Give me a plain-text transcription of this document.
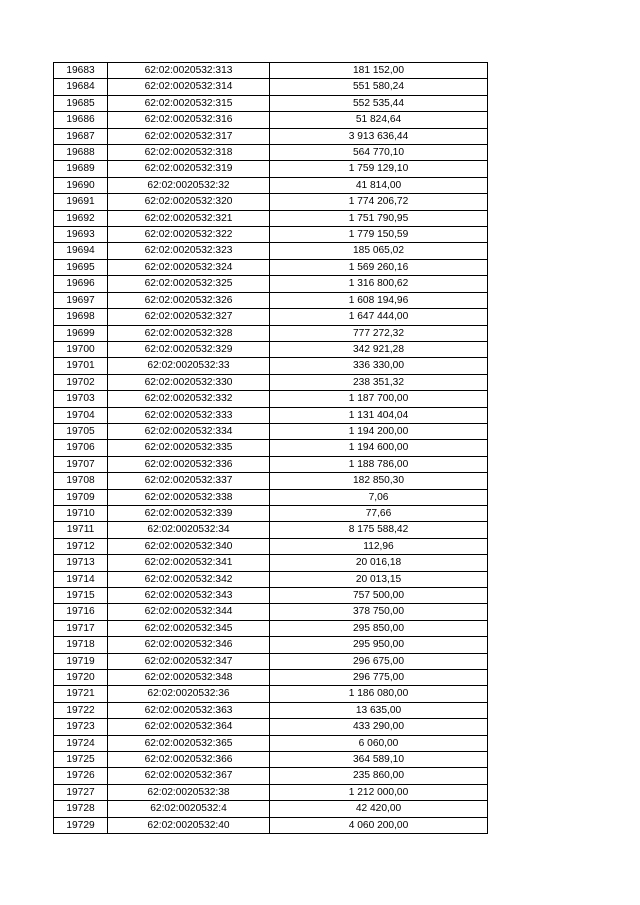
19683	62:02:0020532:313	181 152,00
19684	62:02:0020532:314	551 580,24
19685	62:02:0020532:315	552 535,44
19686	62:02:0020532:316	51 824,64
19687	62:02:0020532:317	3 913 636,44
19688	62:02:0020532:318	564 770,10
19689	62:02:0020532:319	1 759 129,10
19690	62:02:0020532:32	41 814,00
19691	62:02:0020532:320	1 774 206,72
19692	62:02:0020532:321	1 751 790,95
19693	62:02:0020532:322	1 779 150,59
19694	62:02:0020532:323	185 065,02
19695	62:02:0020532:324	1 569 260,16
19696	62:02:0020532:325	1 316 800,62
19697	62:02:0020532:326	1 608 194,96
19698	62:02:0020532:327	1 647 444,00
19699	62:02:0020532:328	777 272,32
19700	62:02:0020532:329	342 921,28
19701	62:02:0020532:33	336 330,00
19702	62:02:0020532:330	238 351,32
19703	62:02:0020532:332	1 187 700,00
19704	62:02:0020532:333	1 131 404,04
19705	62:02:0020532:334	1 194 200,00
19706	62:02:0020532:335	1 194 600,00
19707	62:02:0020532:336	1 188 786,00
19708	62:02:0020532:337	182 850,30
19709	62:02:0020532:338	7,06
19710	62:02:0020532:339	77,66
19711	62:02:0020532:34	8 175 588,42
19712	62:02:0020532:340	112,96
19713	62:02:0020532:341	20 016,18
19714	62:02:0020532:342	20 013,15
19715	62:02:0020532:343	757 500,00
19716	62:02:0020532:344	378 750,00
19717	62:02:0020532:345	295 850,00
19718	62:02:0020532:346	295 950,00
19719	62:02:0020532:347	296 675,00
19720	62:02:0020532:348	296 775,00
19721	62:02:0020532:36	1 186 080,00
19722	62:02:0020532:363	13 635,00
19723	62:02:0020532:364	433 290,00
19724	62:02:0020532:365	6 060,00
19725	62:02:0020532:366	364 589,10
19726	62:02:0020532:367	235 860,00
19727	62:02:0020532:38	1 212 000,00
19728	62:02:0020532:4	42 420,00
19729	62:02:0020532:40	4 060 200,00
